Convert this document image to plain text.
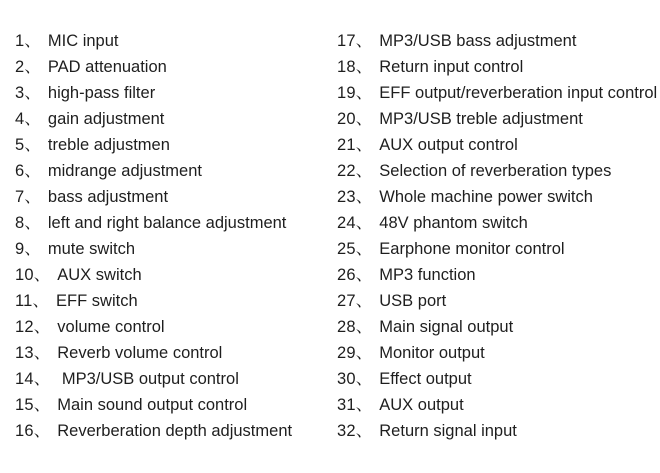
1、 MIC input
2、 PAD attenuation
3、 high-pass filter
4、 gain adjustment
5、 treble adjustmen
6、 midrange adjustment
7、 bass adjustment
8、 left and right balance adjustment
9、 mute switch
10、 AUX switch
11、 EFF switch
12、 volume control
13、 Reverb volume control
14、 MP3/USB output control
15、 Main sound output control
16、 Reverberation depth adjustment
17、 MP3/USB bass adjustment
18、 Return input control
19、 EFF output/reverberation input control
20、 MP3/USB treble adjustment
21、 AUX output control
22、 Selection of reverberation types
23、 Whole machine power switch
24、 48V phantom switch
25、 Earphone monitor control
26、 MP3 function
27、 USB port
28、 Main signal output
29、 Monitor output
30、 Effect output
31、 AUX output
32、 Return signal input
